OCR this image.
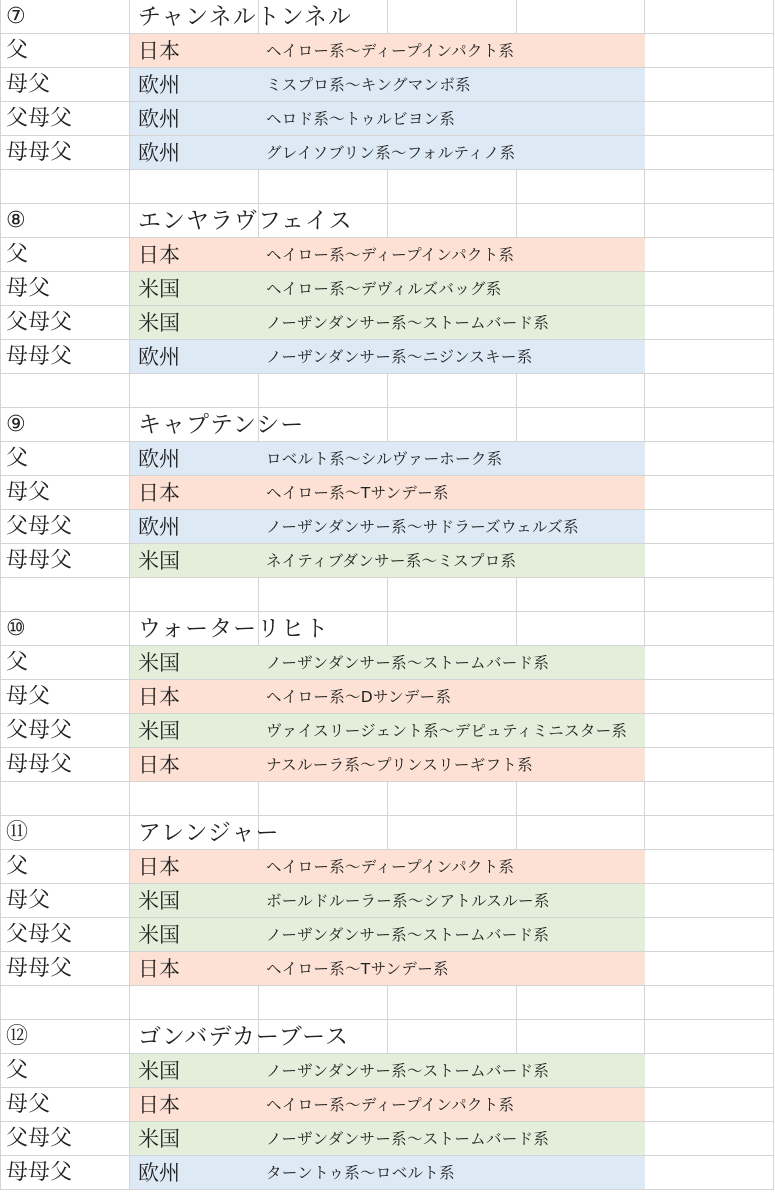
⑦	チャンネルトンネル
父	日本	ヘイロー系～ディープインパクト系
母父	欧州	ミスプロ系～キングマンボ系
父母父	欧州	ヘロド系～トゥルビヨン系
母母父	欧州	グレイソブリン系～フォルティノ系
⑧	エンヤラヴフェイス
父	日本	ヘイロー系～ディープインパクト系
母父	米国	ヘイロー系～デヴィルズバッグ系
父母父	米国	ノーザンダンサー系～ストームバード系
母母父	欧州	ノーザンダンサー系～ニジンスキー系
⑨	キャプテンシー
父	欧州	ロベルト系～シルヴァーホーク系
母父	日本	ヘイロー系～Tサンデー系
父母父	欧州	ノーザンダンサー系～サドラーズウェルズ系
母母父	米国	ネイティブダンサー系～ミスプロ系
⑩	ウォーターリヒト
父	米国	ノーザンダンサー系～ストームバード系
母父	日本	ヘイロー系～Dサンデー系
父母父	米国	ヴァイスリージェント系～デピュティミニスター系
母母父	日本	ナスルーラ系～プリンスリーギフト系
⑪	アレンジャー
父	日本	ヘイロー系～ディープインパクト系
母父	米国	ボールドルーラー系～シアトルスルー系
父母父	米国	ノーザンダンサー系～ストームバード系
母母父	日本	ヘイロー系～Tサンデー系
⑫	ゴンバデカーブース
父	米国	ノーザンダンサー系～ストームバード系
母父	日本	ヘイロー系～ディープインパクト系
父母父	米国	ノーザンダンサー系～ストームバード系
母母父	欧州	ターントゥ系～ロベルト系
